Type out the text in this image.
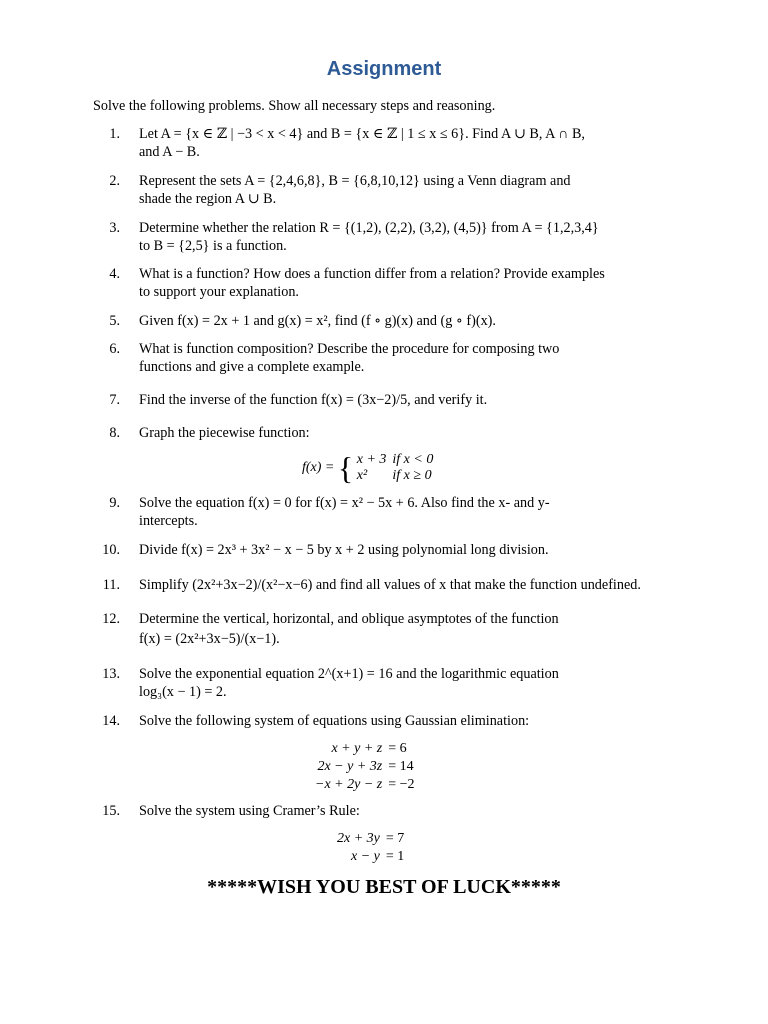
Assignment
Solve the following problems. Show all necessary steps and reasoning.
1. Let A = {x ∈ ℤ | −3 < x < 4} and B = {x ∈ ℤ | 1 ≤ x ≤ 6}. Find A ∪ B, A ∩ B,
and A − B.
2. Represent the sets A = {2,4,6,8}, B = {6,8,10,12} using a Venn diagram and
shade the region A ∪ B.
3. Determine whether the relation R = {(1,2), (2,2), (3,2), (4,5)} from A = {1,2,3,4}
to B = {2,5} is a function.
4. What is a function? How does a function differ from a relation? Provide examples
to support your explanation.
5. Given f(x) = 2x + 1 and g(x) = x², find (f ∘ g)(x) and (g ∘ f)(x).
6. What is function composition? Describe the procedure for composing two
functions and give a complete example.
7. Find the inverse of the function f(x) = (3x−2)/5, and verify it.
8. Graph the piecewise function:
f(x) = { x + 3	if x < 0
x²	if x ≥ 0
9. Solve the equation f(x) = 0 for f(x) = x² − 5x + 6. Also find the x- and y-
intercepts.
10. Divide f(x) = 2x³ + 3x² − x − 5 by x + 2 using polynomial long division.
11. Simplify (2x²+3x−2)/(x²−x−6) and find all values of x that make the function undefined.
12. Determine the vertical, horizontal, and oblique asymptotes of the function
f(x) = (2x²+3x−5)/(x−1).
13. Solve the exponential equation 2^(x+1) = 16 and the logarithmic equation
log₃(x − 1) = 2.
14. Solve the following system of equations using Gaussian elimination:
x + y + z	= 6
2x − y + 3z	= 14
−x + 2y − z	= −2
15. Solve the system using Cramer’s Rule:
2x + 3y	= 7
x − y	= 1
*****WISH YOU BEST OF LUCK*****
